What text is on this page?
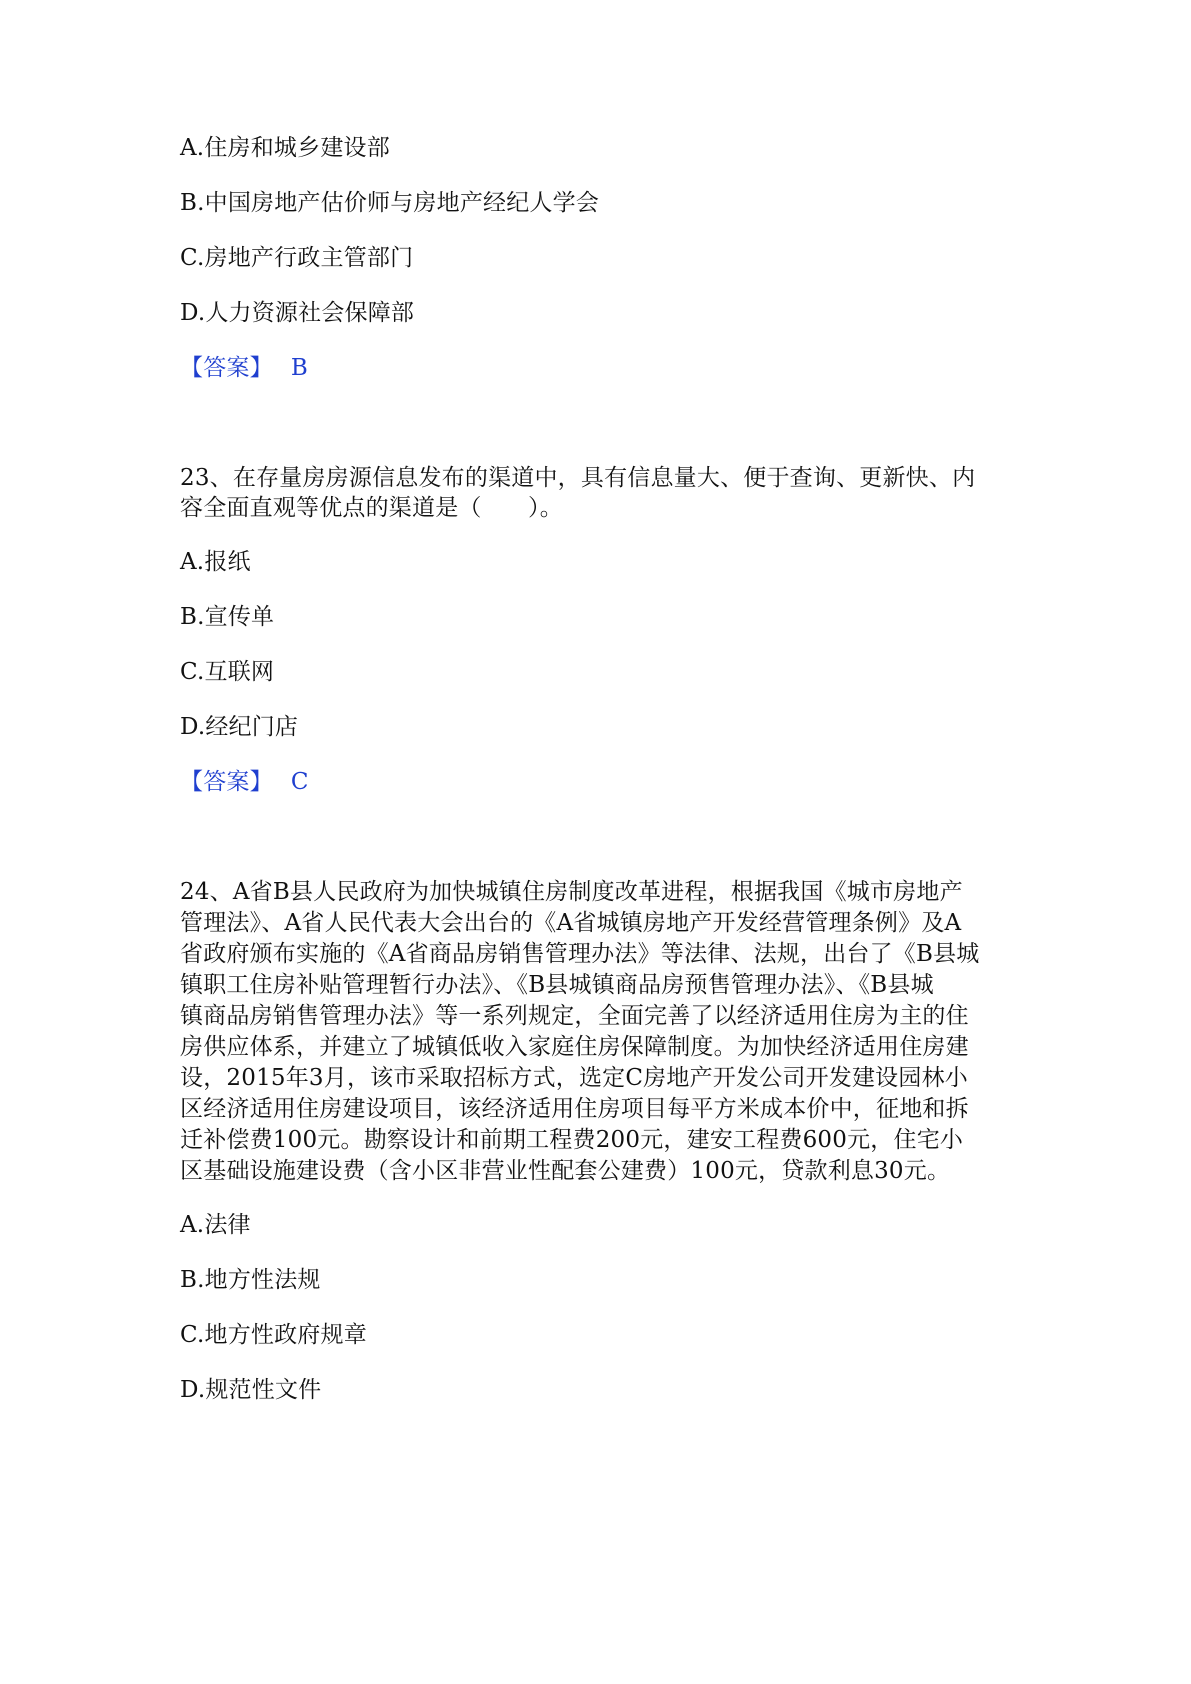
A.住房和城乡建设部
B.中国房地产估价师与房地产经纪人学会
C.房地产行政主管部门
D.人力资源社会保障部
【答案】 B
23、在存量房房源信息发布的渠道中，具有信息量大、便于查询、更新快、内
容全面直观等优点的渠道是（　　）。
A.报纸
B.宣传单
C.互联网
D.经纪门店
【答案】 C
24、A省B县人民政府为加快城镇住房制度改革进程，根据我国《城市房地产
管理法》、A省人民代表大会出台的《A省城镇房地产开发经营管理条例》及A
省政府颁布实施的《A省商品房销售管理办法》等法律、法规，出台了《B县城
镇职工住房补贴管理暂行办法》、《B县城镇商品房预售管理办法》、《B县城
镇商品房销售管理办法》等一系列规定，全面完善了以经济适用住房为主的住
房供应体系，并建立了城镇低收入家庭住房保障制度。为加快经济适用住房建
设，2015年3月，该市采取招标方式，选定C房地产开发公司开发建设园林小
区经济适用住房建设项目，该经济适用住房项目每平方米成本价中，征地和拆
迁补偿费100元。勘察设计和前期工程费200元，建安工程费600元，住宅小
区基础设施建设费（含小区非营业性配套公建费）100元，贷款利息30元。
A.法律
B.地方性法规
C.地方性政府规章
D.规范性文件
